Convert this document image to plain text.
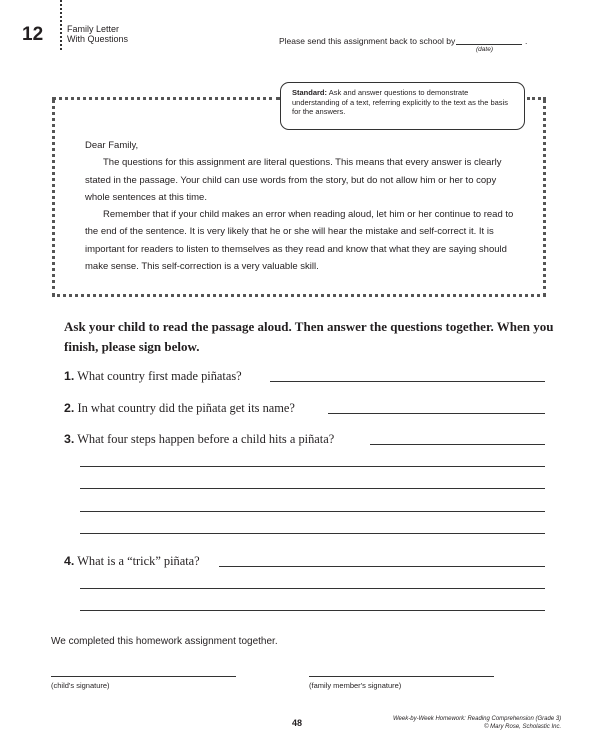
12	Family Letter
With Questions	Please send this assignment back to school by	.
(date)
Standard: Ask and answer questions to demonstrate understanding of a text, referring explicitly to the text as the basis for the answers.
Dear Family,

The questions for this assignment are literal questions. This means that every answer is clearly stated in the passage. Your child can use words from the story, but do not allow him or her to copy whole sentences at this time.

Remember that if your child makes an error when reading aloud, let him or her continue to read to the end of the sentence. It is very likely that he or she will hear the mistake and self-correct it. It is important for readers to listen to themselves as they read and know that what they are saying should make sense. This self-correction is a very valuable skill.

Ask your child to read the passage aloud. Then answer the questions together. When you finish, please sign below.
1. What country first made piñatas?
2. In what country did the piñata get its name?
3. What four steps happen before a child hits a piñata?
4. What is a “trick” piñata?
We completed this homework assignment together.
(child's signature)	(family member's signature)
48	Week-by-Week Homework: Reading Comprehension (Grade 3)
© Mary Rose, Scholastic Inc.
